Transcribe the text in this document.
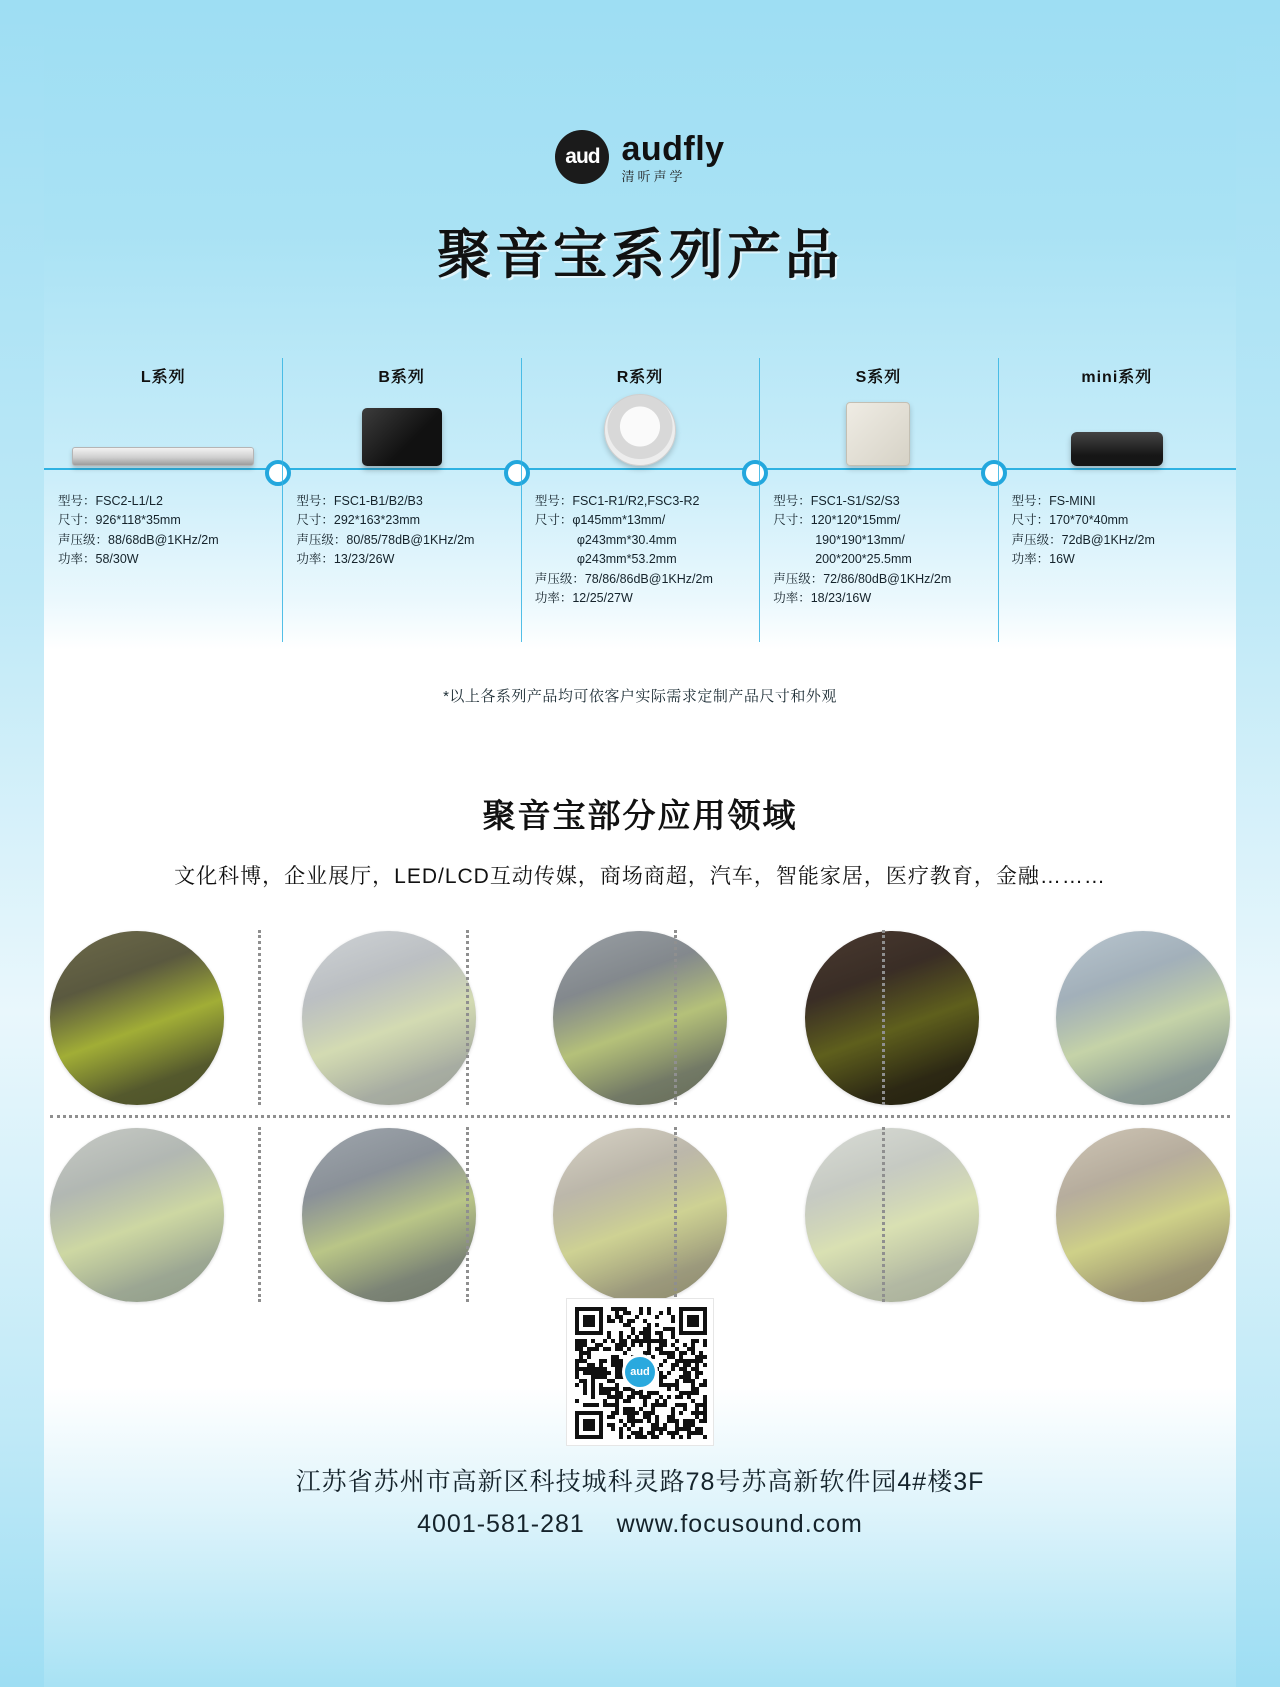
aud audfly
清听声学
聚音宝系列产品
L系列
型号：FSC2-L1/L2
尺寸：926*118*35mm
声压级：88/68dB@1KHz/2m
功率：58/30W
B系列
型号：FSC1-B1/B2/B3
尺寸：292*163*23mm
声压级：80/85/78dB@1KHz/2m
功率：13/23/26W
R系列
型号：FSC1-R1/R2,FSC3-R2
尺寸：φ145mm*13mm/
φ243mm*30.4mm
φ243mm*53.2mm
声压级：78/86/86dB@1KHz/2m
功率：12/25/27W
S系列
型号：FSC1-S1/S2/S3
尺寸：120*120*15mm/
190*190*13mm/
200*200*25.5mm
声压级：72/86/80dB@1KHz/2m
功率：18/23/16W
mini系列
型号：FS-MINI
尺寸：170*70*40mm
声压级：72dB@1KHz/2m
功率：16W
*以上各系列产品均可依客户实际需求定制产品尺寸和外观
聚音宝部分应用领域
文化科博，企业展厅，LED/LCD互动传媒，商场商超，汽车，智能家居，医疗教育，金融………
aud
江苏省苏州市高新区科技城科灵路78号苏高新软件园4#楼3F
4001-581-281 www.focusound.com
